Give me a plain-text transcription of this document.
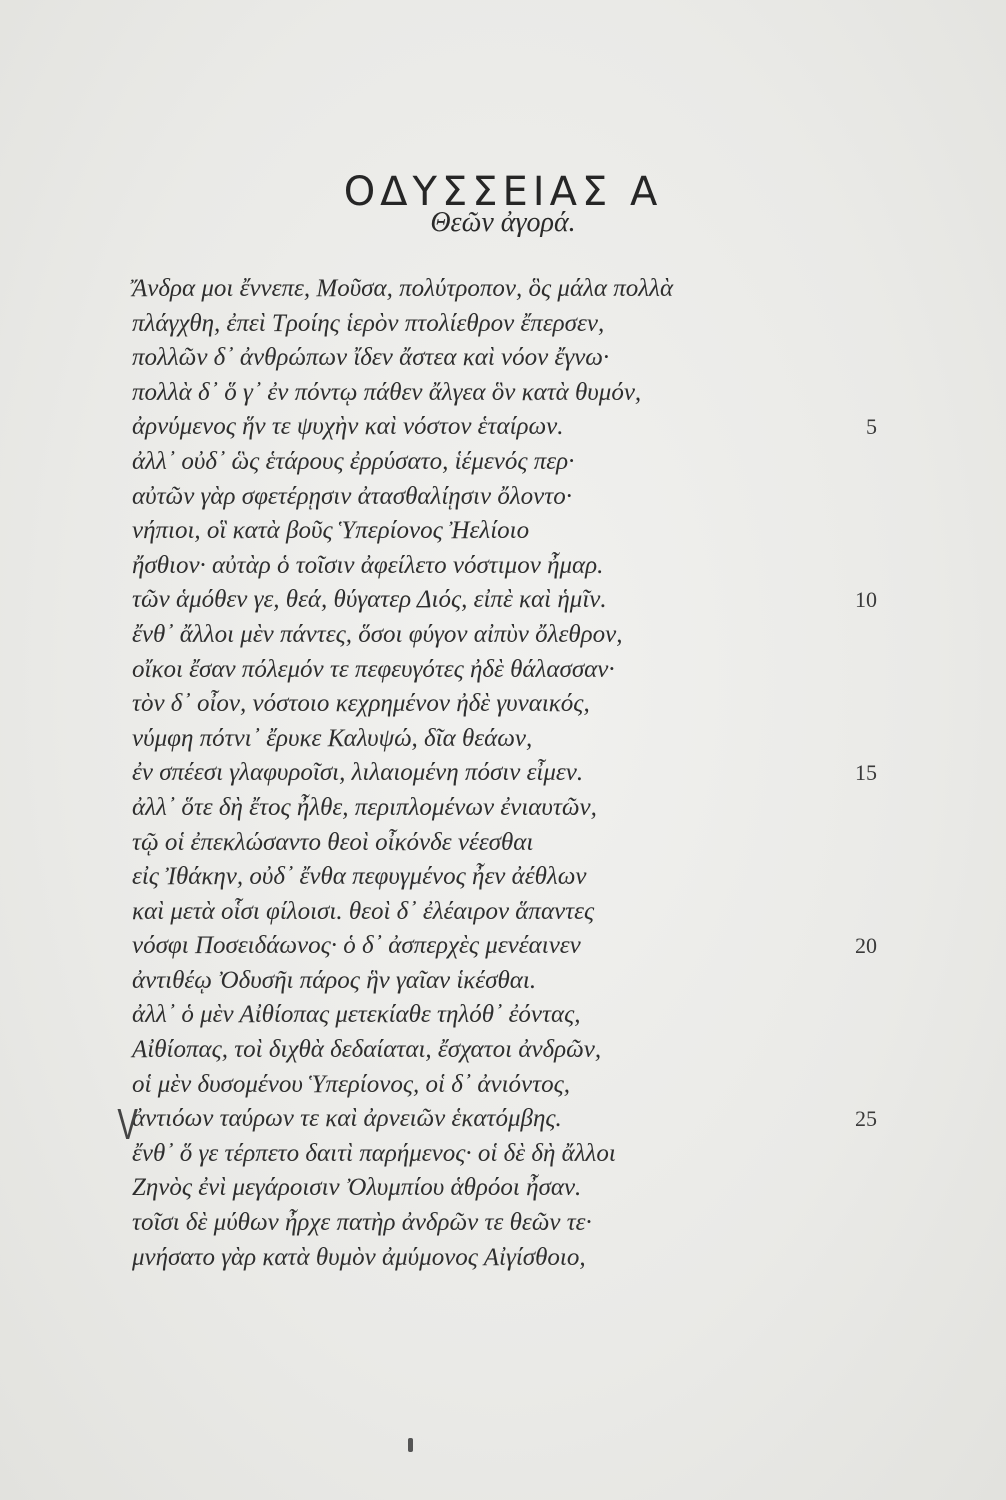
ΟΔΥΣΣΕΙΑΣ Α
Θεῶν ἀγορά.
Ἄνδρα μοι ἔννεπε, Μοῦσα, πολύτροπον, ὃς μάλα πολλὰ
πλάγχθη, ἐπεὶ Τροίης ἱερὸν πτολίεθρον ἔπερσεν,
πολλῶν δ᾽ ἀνθρώπων ἴδεν ἄστεα καὶ νόον ἔγνω·
πολλὰ δ᾽ ὅ γ᾽ ἐν πόντῳ πάθεν ἄλγεα ὃν κατὰ θυμόν,
ἀρνύμενος ἥν τε ψυχὴν καὶ νόστον ἑταίρων.	5
ἀλλ᾽ οὐδ᾽ ὣς ἑτάρους ἐρρύσατο, ἱέμενός περ·
αὐτῶν γὰρ σφετέρῃσιν ἀτασθαλίῃσιν ὄλοντο·
νήπιοι, οἳ κατὰ βοῦς Ὑπερίονος Ἠελίοιο
ἤσθιον· αὐτὰρ ὁ τοῖσιν ἀφείλετο νόστιμον ἦμαρ.
τῶν ἁμόθεν γε, θεά, θύγατερ Διός, εἰπὲ καὶ ἡμῖν.	10
ἔνθ᾽ ἄλλοι μὲν πάντες, ὅσοι φύγον αἰπὺν ὄλεθρον,
οἴκοι ἔσαν πόλεμόν τε πεφευγότες ἠδὲ θάλασσαν·
τὸν δ᾽ οἶον, νόστοιο κεχρημένον ἠδὲ γυναικός,
νύμφη πότνι᾽ ἔρυκε Καλυψώ, δῖα θεάων,
ἐν σπέεσι γλαφυροῖσι, λιλαιομένη πόσιν εἶμεν.	15
ἀλλ᾽ ὅτε δὴ ἔτος ἦλθε, περιπλομένων ἐνιαυτῶν,
τῷ οἱ ἐπεκλώσαντο θεοὶ οἶκόνδε νέεσθαι
εἰς Ἰθάκην, οὐδ᾽ ἔνθα πεφυγμένος ἦεν ἀέθλων
καὶ μετὰ οἷσι φίλοισι. θεοὶ δ᾽ ἐλέαιρον ἅπαντες
νόσφι Ποσειδάωνος· ὁ δ᾽ ἀσπερχὲς μενέαινεν	20
ἀντιθέῳ Ὀδυσῆι πάρος ἣν γαῖαν ἱκέσθαι.
ἀλλ᾽ ὁ μὲν Αἰθίοπας μετεκίαθε τηλόθ᾽ ἐόντας,
Αἰθίοπας, τοὶ διχθὰ δεδαίαται, ἔσχατοι ἀνδρῶν,
οἱ μὲν δυσομένου Ὑπερίονος, οἱ δ᾽ ἀνιόντος,
ἀντιόων ταύρων τε καὶ ἀρνειῶν ἑκατόμβης.	25
ἔνθ᾽ ὅ γε τέρπετο δαιτὶ παρήμενος· οἱ δὲ δὴ ἄλλοι
Ζηνὸς ἐνὶ μεγάροισιν Ὀλυμπίου ἁθρόοι ἦσαν.
τοῖσι δὲ μύθων ἦρχε πατὴρ ἀνδρῶν τε θεῶν τε·
μνήσατο γὰρ κατὰ θυμὸν ἀμύμονος Αἰγίσθοιο,
V
